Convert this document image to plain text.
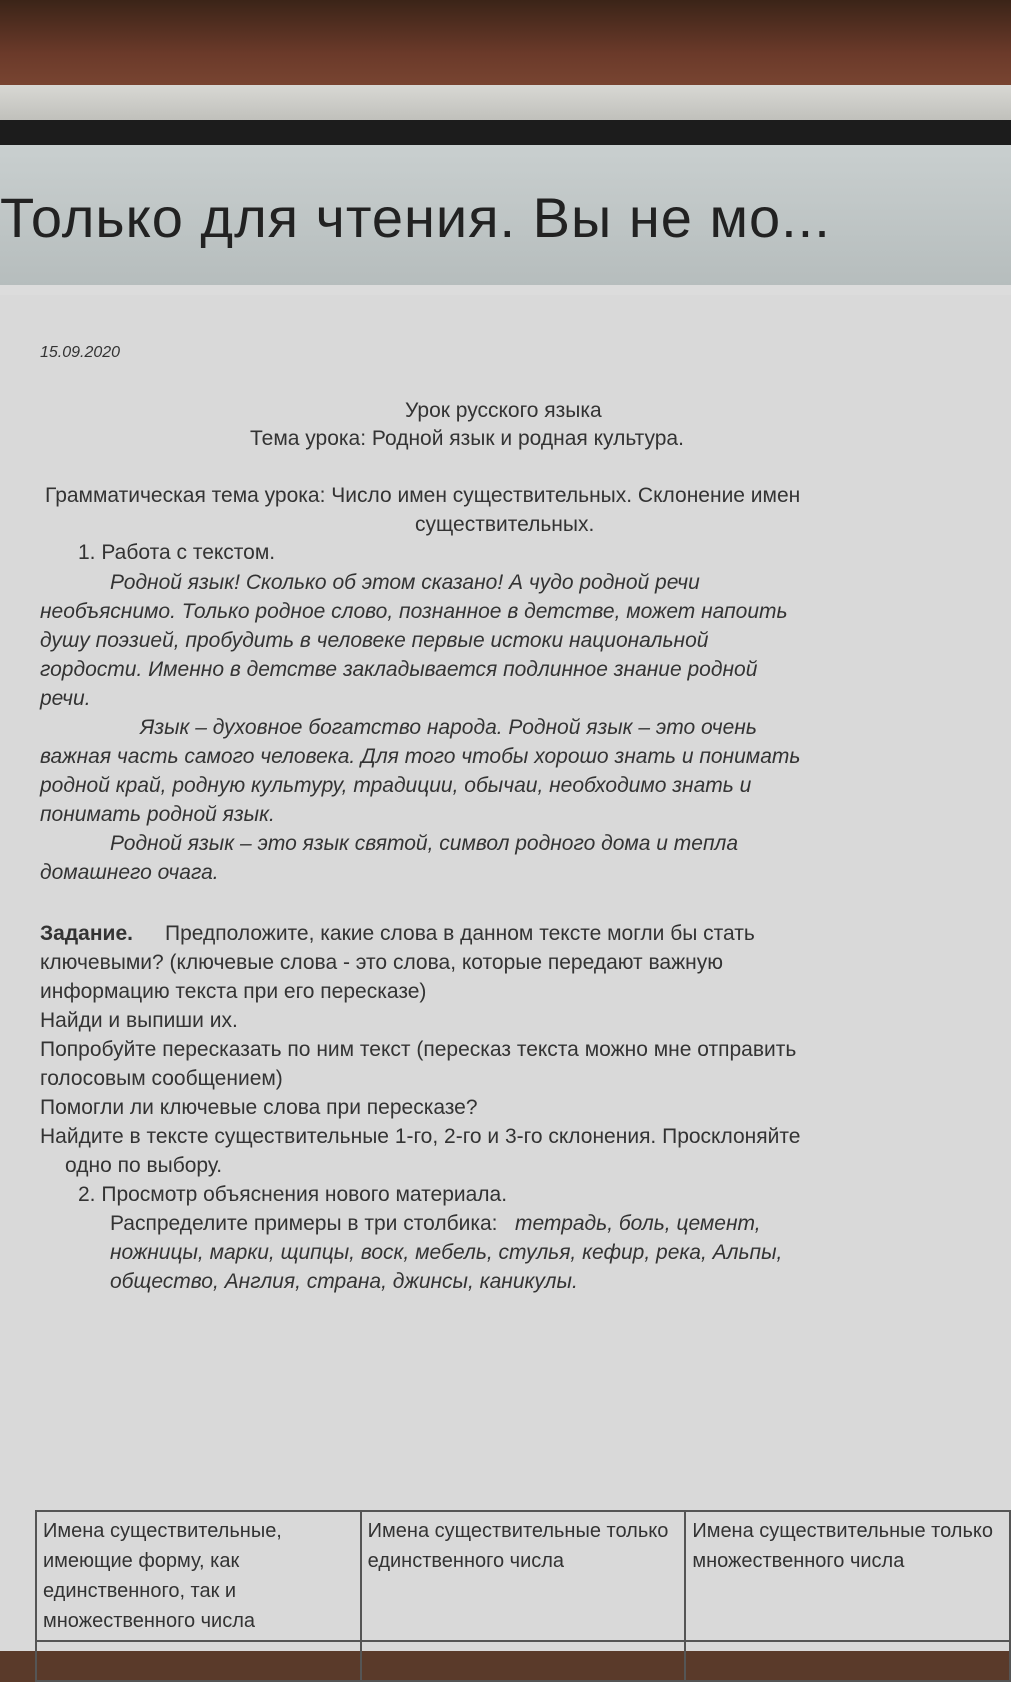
Только для чтения. Вы не мо...
15.09.2020
Урок русского языка
Тема урока: Родной язык и родная культура.
Грамматическая тема урока: Число имен существительных. Склонение имен
существительных.
1. Работа с текстом.
Родной язык! Сколько об этом сказано! А чудо родной речи
необъяснимо. Только родное слово, познанное в детстве, может напоить
душу поэзией, пробудить в человеке первые истоки национальной
гордости. Именно в детстве закладывается подлинное знание родной
речи.
Язык – духовное богатство народа. Родной язык – это очень
важная часть самого человека. Для того чтобы хорошо знать и понимать
родной край, родную культуру, традиции, обычаи, необходимо знать и
понимать родной язык.
Родной язык – это язык святой, символ родного дома и тепла
домашнего очага.
Задание. Предположите, какие слова в данном тексте могли бы стать
ключевыми? (ключевые слова - это слова, которые передают важную
информацию текста при его пересказе)
Найди и выпиши их.
Попробуйте пересказать по ним текст (пересказ текста можно мне отправить
голосовым сообщением)
Помогли ли ключевые слова при пересказе?
Найдите в тексте существительные 1-го, 2-го и 3-го склонения. Просклоняйте
одно по выбору.
2. Просмотр объяснения нового материала.
Распределите примеры в три столбика: тетрадь, боль, цемент,
ножницы, марки, щипцы, воск, мебель, стулья, кефир, река, Альпы,
общество, Англия, страна, джинсы, каникулы.
Имена существительные, имеющие форму, как единственного, так и множественного числа	Имена существительные только единственного числа	Имена существительные только множественного числа
